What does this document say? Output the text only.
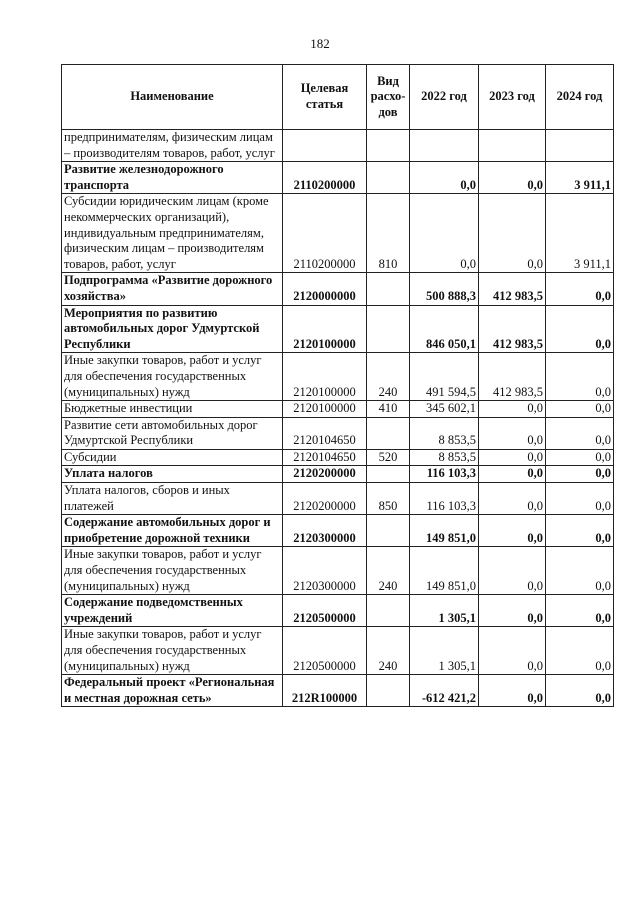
182
Наименование	Целевая статья	Вид расхо-дов	2022 год	2023 год	2024 год
предпринимателям, физическим лицам – производителям товаров, работ, услуг					
Развитие железнодорожного транспорта	2110200000		0,0	0,0	3 911,1
Субсидии юридическим лицам (кроме некоммерческих организаций), индивидуальным предпринимателям, физическим лицам – производителям товаров, работ, услуг	2110200000	810	0,0	0,0	3 911,1
Подпрограмма «Развитие дорожного хозяйства»	2120000000		500 888,3	412 983,5	0,0
Мероприятия по развитию автомобильных дорог Удмуртской Республики	2120100000		846 050,1	412 983,5	0,0
Иные закупки товаров, работ и услуг для обеспечения государственных (муниципальных) нужд	2120100000	240	491 594,5	412 983,5	0,0
Бюджетные инвестиции	2120100000	410	345 602,1	0,0	0,0
Развитие сети автомобильных дорог Удмуртской Республики	2120104650		8 853,5	0,0	0,0
Субсидии	2120104650	520	8 853,5	0,0	0,0
Уплата налогов	2120200000		116 103,3	0,0	0,0
Уплата налогов, сборов и иных платежей	2120200000	850	116 103,3	0,0	0,0
Содержание автомобильных дорог и приобретение дорожной техники	2120300000		149 851,0	0,0	0,0
Иные закупки товаров, работ и услуг для обеспечения государственных (муниципальных) нужд	2120300000	240	149 851,0	0,0	0,0
Содержание подведомственных учреждений	2120500000		1 305,1	0,0	0,0
Иные закупки товаров, работ и услуг для обеспечения государственных (муниципальных) нужд	2120500000	240	1 305,1	0,0	0,0
Федеральный проект «Региональная и местная дорожная сеть»	212R100000		-612 421,2	0,0	0,0
